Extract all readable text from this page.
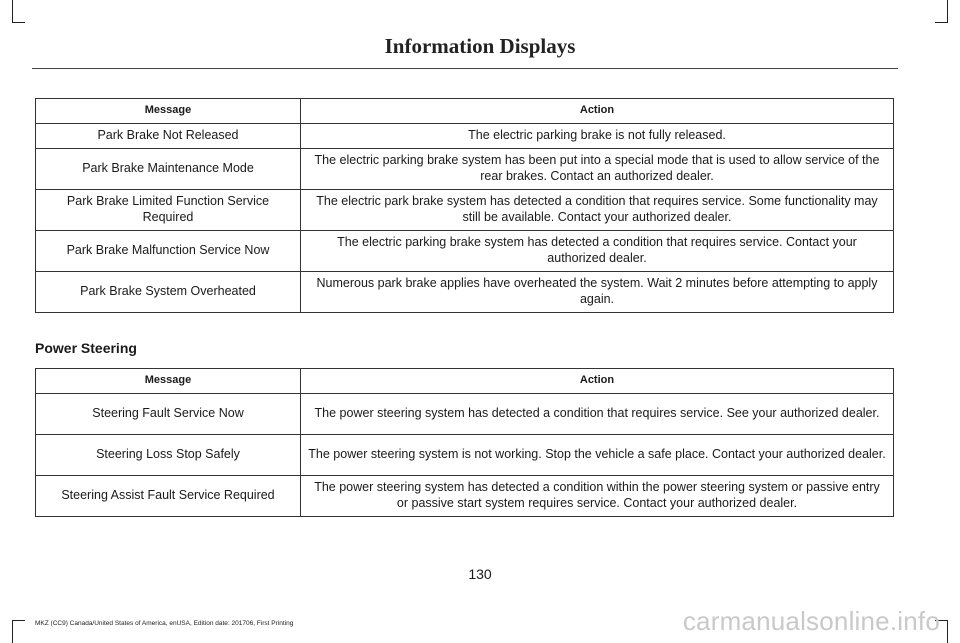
Information Displays
Message	Action
Park Brake Not Released	The electric parking brake is not fully released.
Park Brake Maintenance Mode	The electric parking brake system has been put into a special mode that is used to allow service of the rear brakes. Contact an authorized dealer.
Park Brake Limited Function Service Required	The electric park brake system has detected a condition that requires service. Some functionality may still be available. Contact your authorized dealer.
Park Brake Malfunction Service Now	The electric parking brake system has detected a condition that requires service. Contact your authorized dealer.
Park Brake System Overheated	Numerous park brake applies have overheated the system. Wait 2 minutes before attempting to apply again.
Power Steering
Message	Action
Steering Fault Service Now	The power steering system has detected a condition that requires service. See your authorized dealer.
Steering Loss Stop Safely	The power steering system is not working. Stop the vehicle a safe place. Contact your authorized dealer.
Steering Assist Fault Service Required	The power steering system has detected a condition within the power steering system or passive entry or passive start system requires service. Contact your authorized dealer.
130
MKZ (CC9) Canada/United States of America, enUSA, Edition date: 201706, First Printing	carmanualsonline.info
